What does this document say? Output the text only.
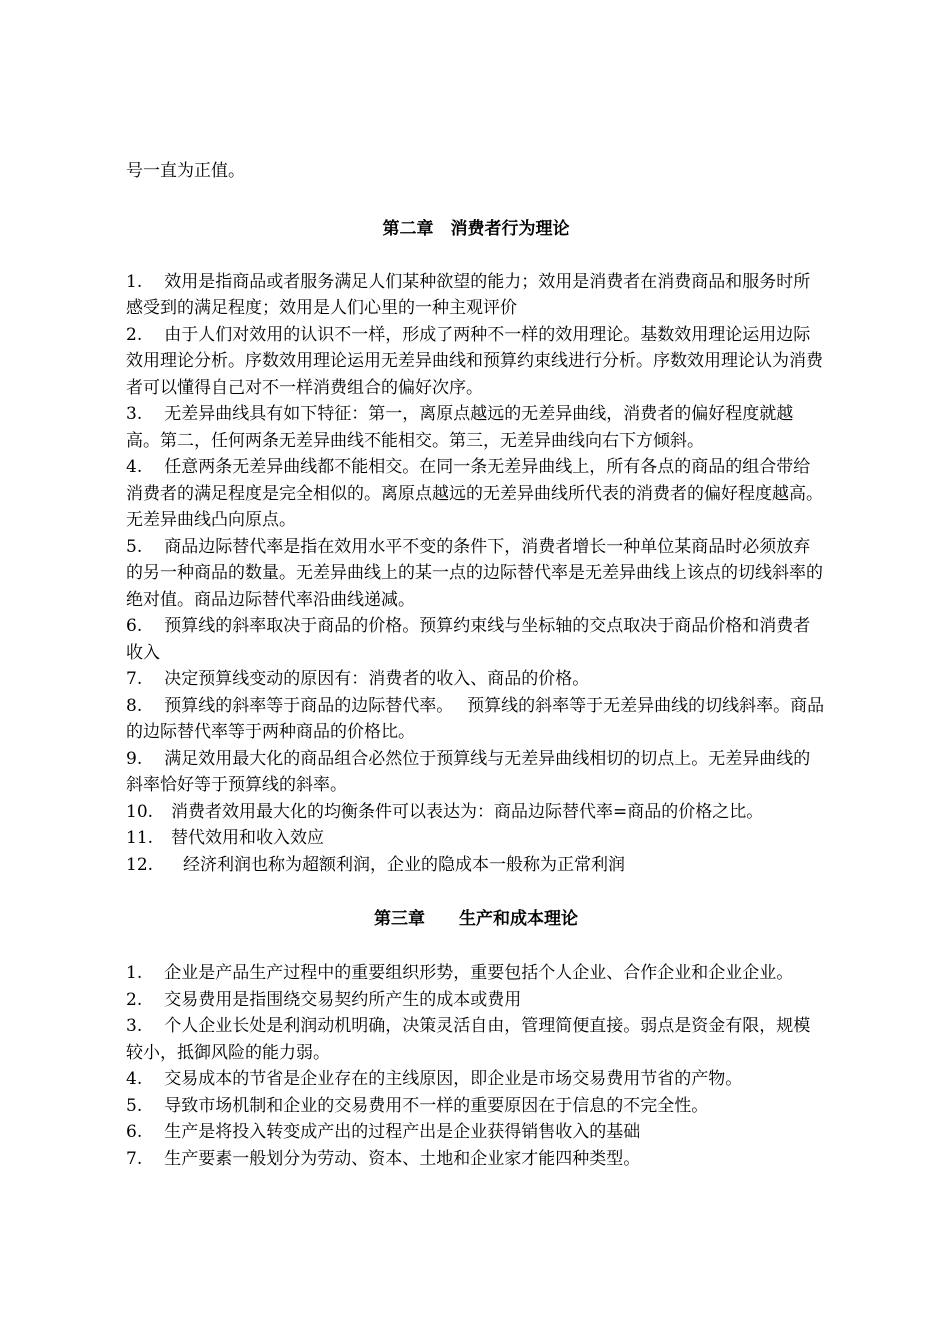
号一直为正值。

第二章　消费者行为理论

1. 效用是指商品或者服务满足人们某种欲望的能力；效用是消费者在消费商品和服务时所感受到的满足程度；效用是人们心里的一种主观评价

2. 由于人们对效用的认识不一样，形成了两种不一样的效用理论。基数效用理论运用边际效用理论分析。序数效用理论运用无差异曲线和预算约束线进行分析。序数效用理论认为消费者可以懂得自己对不一样消费组合的偏好次序。

3. 无差异曲线具有如下特征：第一，离原点越远的无差异曲线，消费者的偏好程度就越高。第二，任何两条无差异曲线不能相交。第三，无差异曲线向右下方倾斜。

4. 任意两条无差异曲线都不能相交。在同一条无差异曲线上，所有各点的商品的组合带给消费者的满足程度是完全相似的。离原点越远的无差异曲线所代表的消费者的偏好程度越高。无差异曲线凸向原点。

5. 商品边际替代率是指在效用水平不变的条件下，消费者增长一种单位某商品时必须放弃的另一种商品的数量。无差异曲线上的某一点的边际替代率是无差异曲线上该点的切线斜率的绝对值。商品边际替代率沿曲线递减。

6. 预算线的斜率取决于商品的价格。预算约束线与坐标轴的交点取决于商品价格和消费者收入

7. 决定预算线变动的原因有：消费者的收入、商品的价格。

8. 预算线的斜率等于商品的边际替代率。　 预算线的斜率等于无差异曲线的切线斜率。商品的边际替代率等于两种商品的价格比。

9. 满足效用最大化的商品组合必然位于预算线与无差异曲线相切的切点上。无差异曲线的斜率恰好等于预算线的斜率。

10. 消费者效用最大化的均衡条件可以表达为：商品边际替代率=商品的价格之比。

11. 替代效用和收入效应

12. 经济利润也称为超额利润，企业的隐成本一般称为正常利润

第三章　　生产和成本理论

1. 企业是产品生产过程中的重要组织形势，重要包括个人企业、合作企业和企业企业。

2. 交易费用是指围绕交易契约所产生的成本或费用

3. 个人企业长处是利润动机明确，决策灵活自由，管理简便直接。弱点是资金有限，规模较小，抵御风险的能力弱。

4. 交易成本的节省是企业存在的主线原因，即企业是市场交易费用节省的产物。

5. 导致市场机制和企业的交易费用不一样的重要原因在于信息的不完全性。

6. 生产是将投入转变成产出的过程产出是企业获得销售收入的基础

7. 生产要素一般划分为劳动、资本、土地和企业家才能四种类型。
